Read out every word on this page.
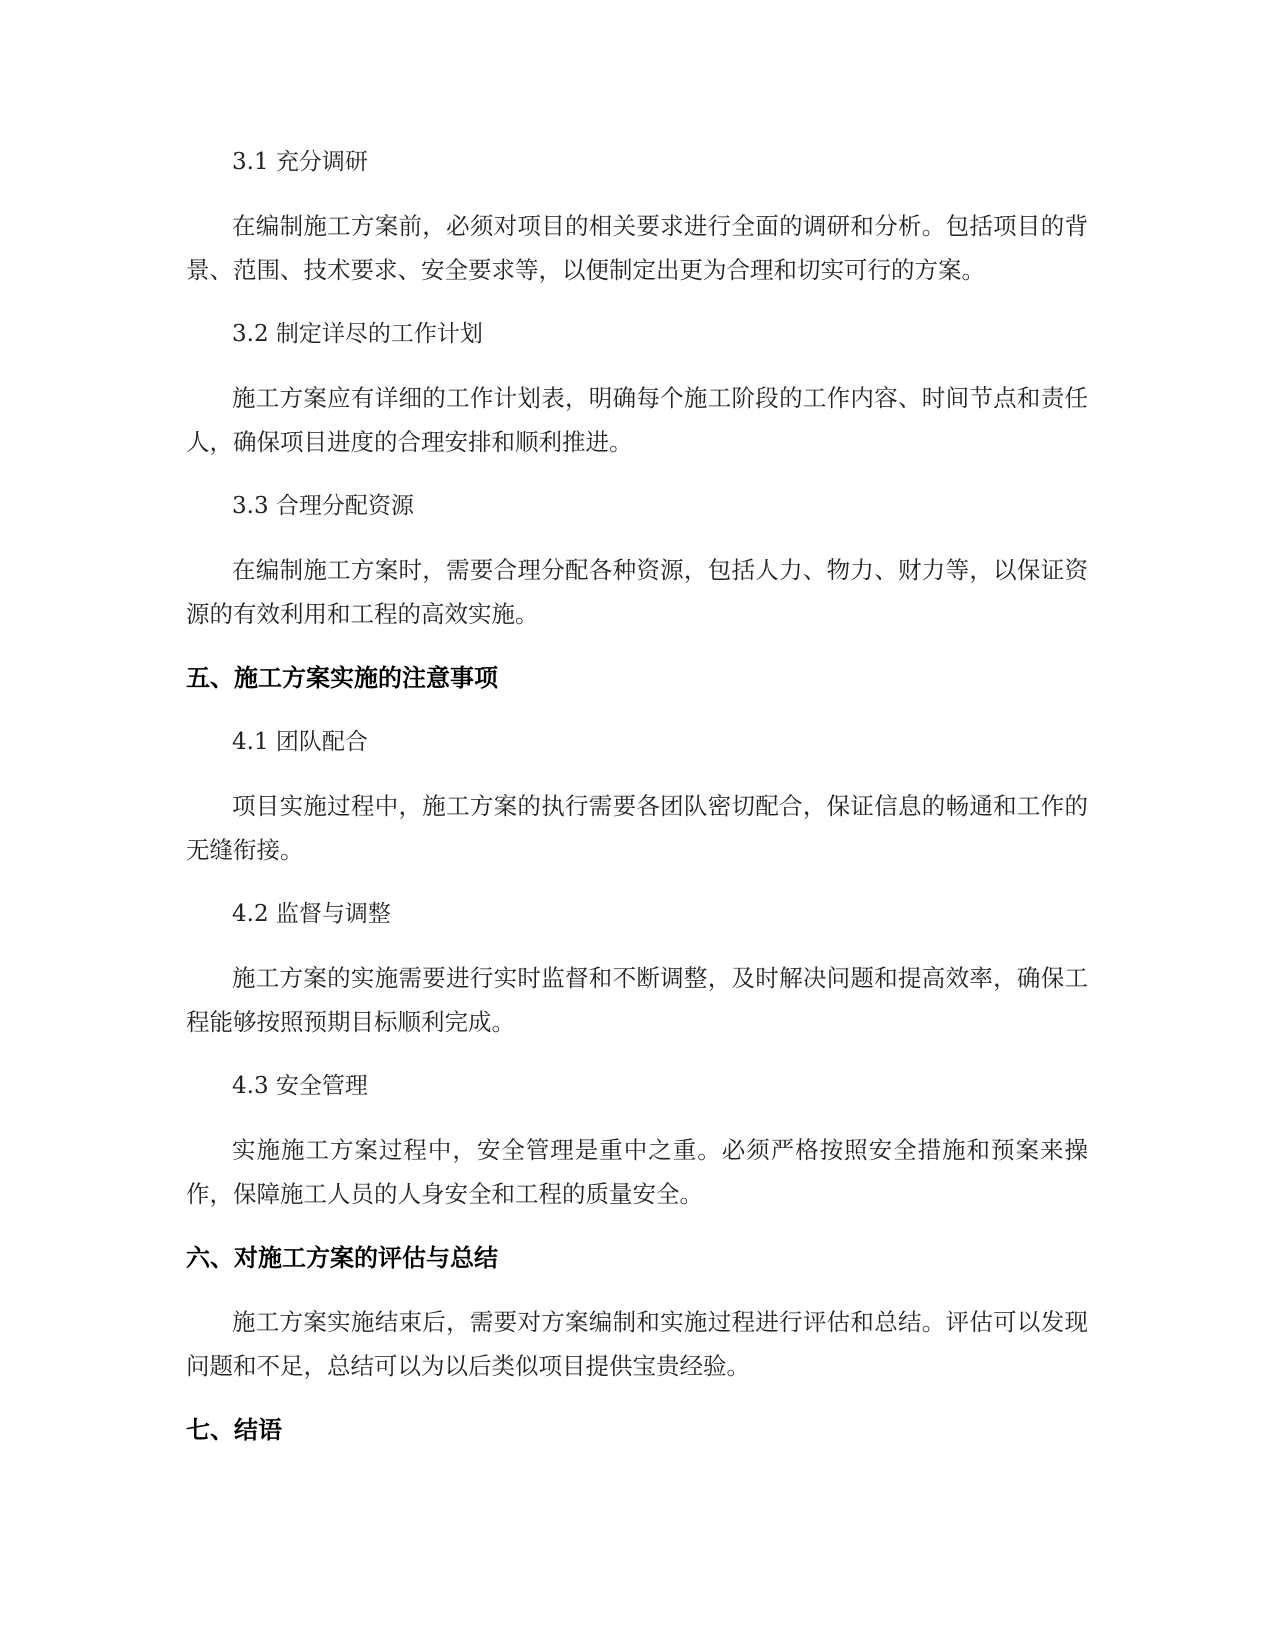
3.1 充分调研

在编制施工方案前，必须对项目的相关要求进行全面的调研和分析。包括项目的背景、范围、技术要求、安全要求等，以便制定出更为合理和切实可行的方案。

3.2 制定详尽的工作计划

施工方案应有详细的工作计划表，明确每个施工阶段的工作内容、时间节点和责任人，确保项目进度的合理安排和顺利推进。

3.3 合理分配资源

在编制施工方案时，需要合理分配各种资源，包括人力、物力、财力等，以保证资源的有效利用和工程的高效实施。

五、施工方案实施的注意事项

4.1 团队配合

项目实施过程中，施工方案的执行需要各团队密切配合，保证信息的畅通和工作的无缝衔接。

4.2 监督与调整

施工方案的实施需要进行实时监督和不断调整，及时解决问题和提高效率，确保工程能够按照预期目标顺利完成。

4.3 安全管理

实施施工方案过程中，安全管理是重中之重。必须严格按照安全措施和预案来操作，保障施工人员的人身安全和工程的质量安全。

六、对施工方案的评估与总结

施工方案实施结束后，需要对方案编制和实施过程进行评估和总结。评估可以发现问题和不足，总结可以为以后类似项目提供宝贵经验。

七、结语
